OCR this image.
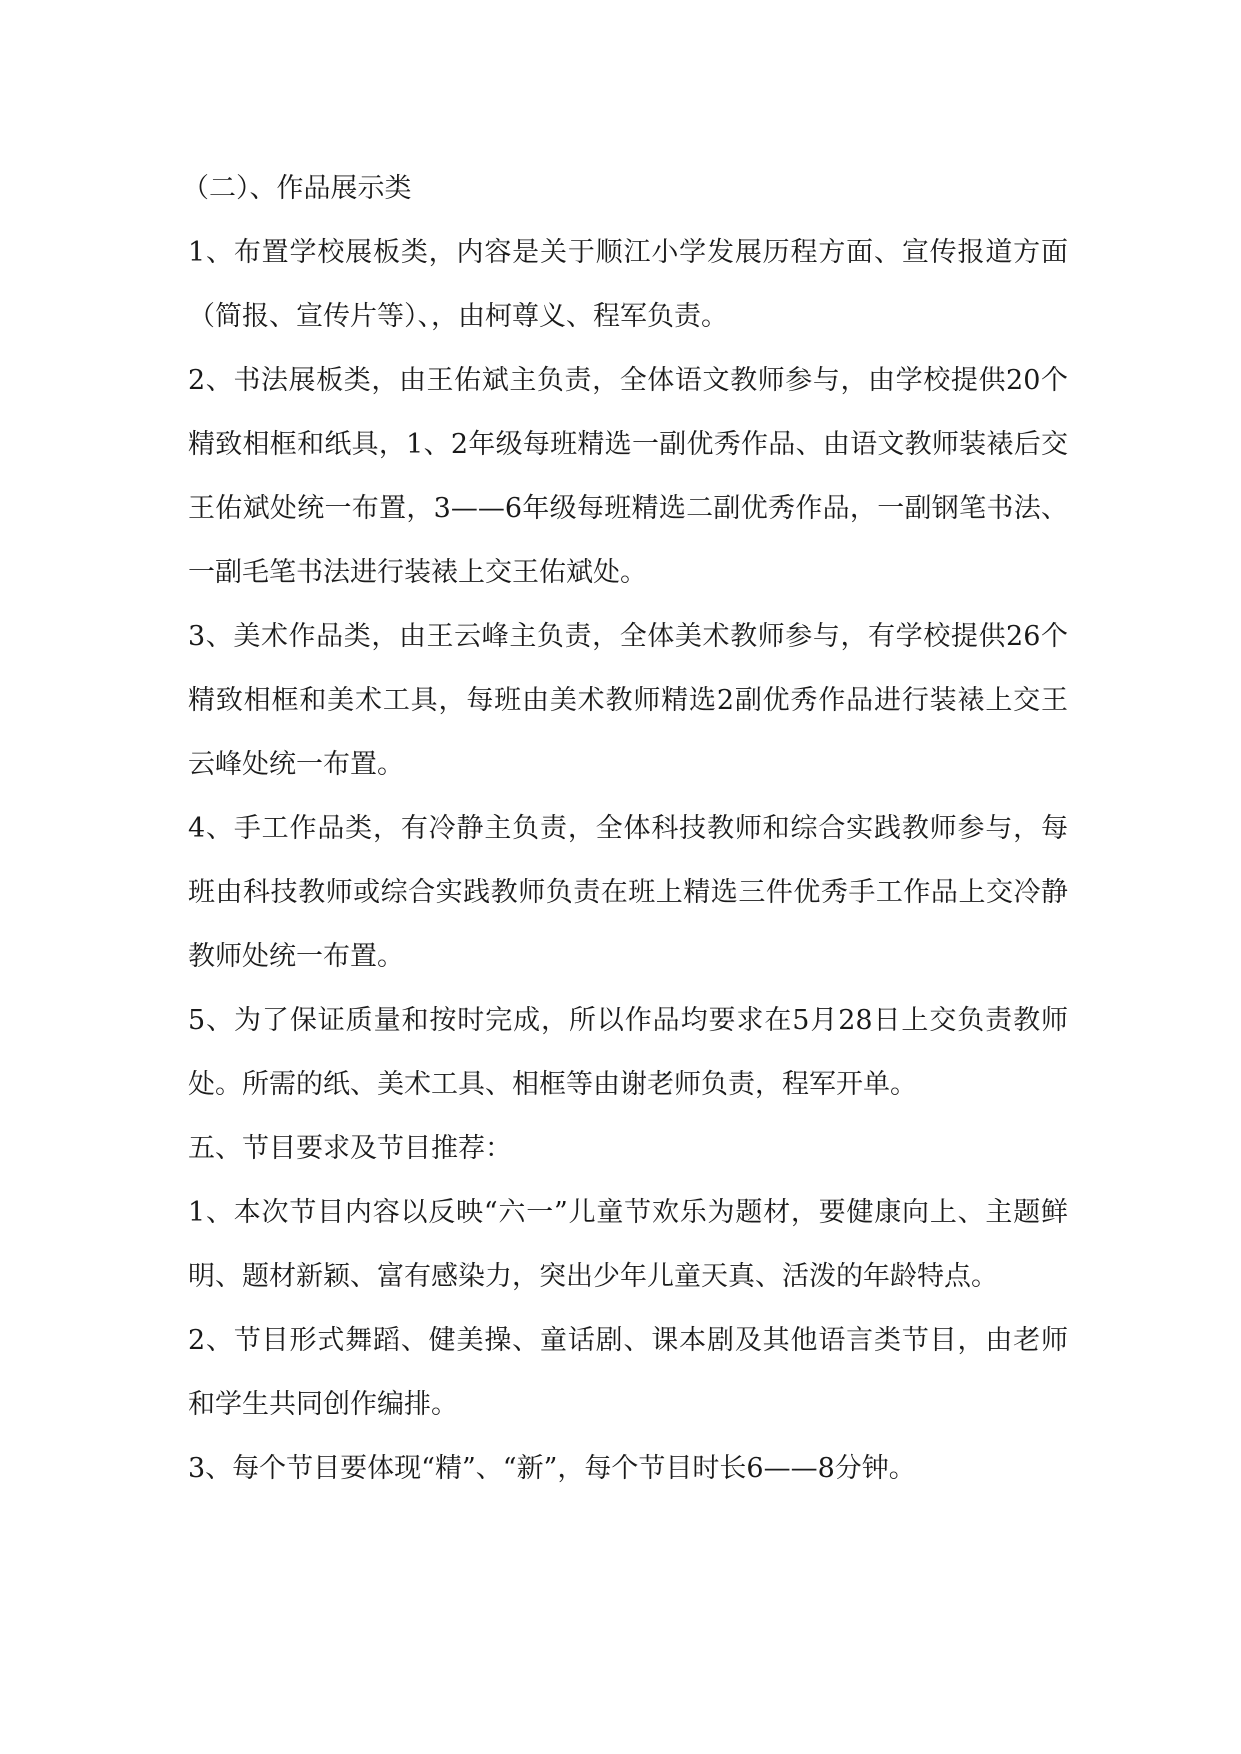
（二）、作品展示类

1、布置学校展板类，内容是关于顺江小学发展历程方面、宣传报道方面（简报、宣传片等）、，由柯尊义、程军负责。

2、书法展板类，由王佑斌主负责，全体语文教师参与，由学校提供20个精致相框和纸具，1、2年级每班精选一副优秀作品、由语文教师装裱后交王佑斌处统一布置，3——6年级每班精选二副优秀作品，一副钢笔书法、一副毛笔书法进行装裱上交王佑斌处。

3、美术作品类，由王云峰主负责，全体美术教师参与，有学校提供26个精致相框和美术工具，每班由美术教师精选2副优秀作品进行装裱上交王云峰处统一布置。

4、手工作品类，有冷静主负责，全体科技教师和综合实践教师参与，每班由科技教师或综合实践教师负责在班上精选三件优秀手工作品上交冷静教师处统一布置。

5、为了保证质量和按时完成，所以作品均要求在5月28日上交负责教师处。所需的纸、美术工具、相框等由谢老师负责，程军开单。

五、节目要求及节目推荐：

1、本次节目内容以反映“六一”儿童节欢乐为题材，要健康向上、主题鲜明、题材新颖、富有感染力，突出少年儿童天真、活泼的年龄特点。

2、节目形式舞蹈、健美操、童话剧、课本剧及其他语言类节目，由老师和学生共同创作编排。

3、每个节目要体现“精”、“新”，每个节目时长6——8分钟。
